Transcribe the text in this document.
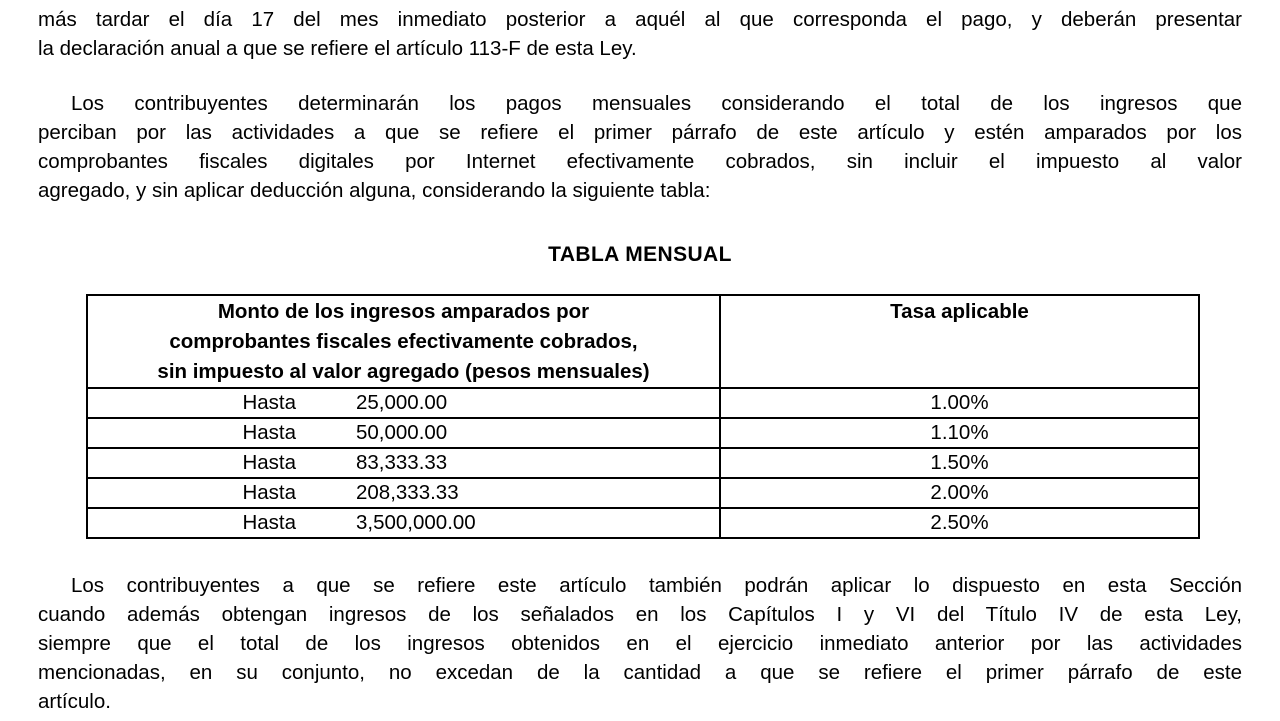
más tardar el día 17 del mes inmediato posterior a aquél al que corresponda el pago, y deberán presentar
la declaración anual a que se refiere el artículo 113-F de esta Ley.
Los contribuyentes determinarán los pagos mensuales considerando el total de los ingresos que
perciban por las actividades a que se refiere el primer párrafo de este artículo y estén amparados por los
comprobantes fiscales digitales por Internet efectivamente cobrados, sin incluir el impuesto al valor
agregado, y sin aplicar deducción alguna, considerando la siguiente tabla:
TABLA MENSUAL
Monto de los ingresos amparados por
comprobantes fiscales efectivamente cobrados,
sin impuesto al valor agregado (pesos mensuales)	Tasa aplicable
Hasta 25,000.00	1.00%
Hasta 50,000.00	1.10%
Hasta 83,333.33	1.50%
Hasta 208,333.33	2.00%
Hasta 3,500,000.00	2.50%
Los contribuyentes a que se refiere este artículo también podrán aplicar lo dispuesto en esta Sección
cuando además obtengan ingresos de los señalados en los Capítulos I y VI del Título IV de esta Ley,
siempre que el total de los ingresos obtenidos en el ejercicio inmediato anterior por las actividades
mencionadas, en su conjunto, no excedan de la cantidad a que se refiere el primer párrafo de este
artículo.
